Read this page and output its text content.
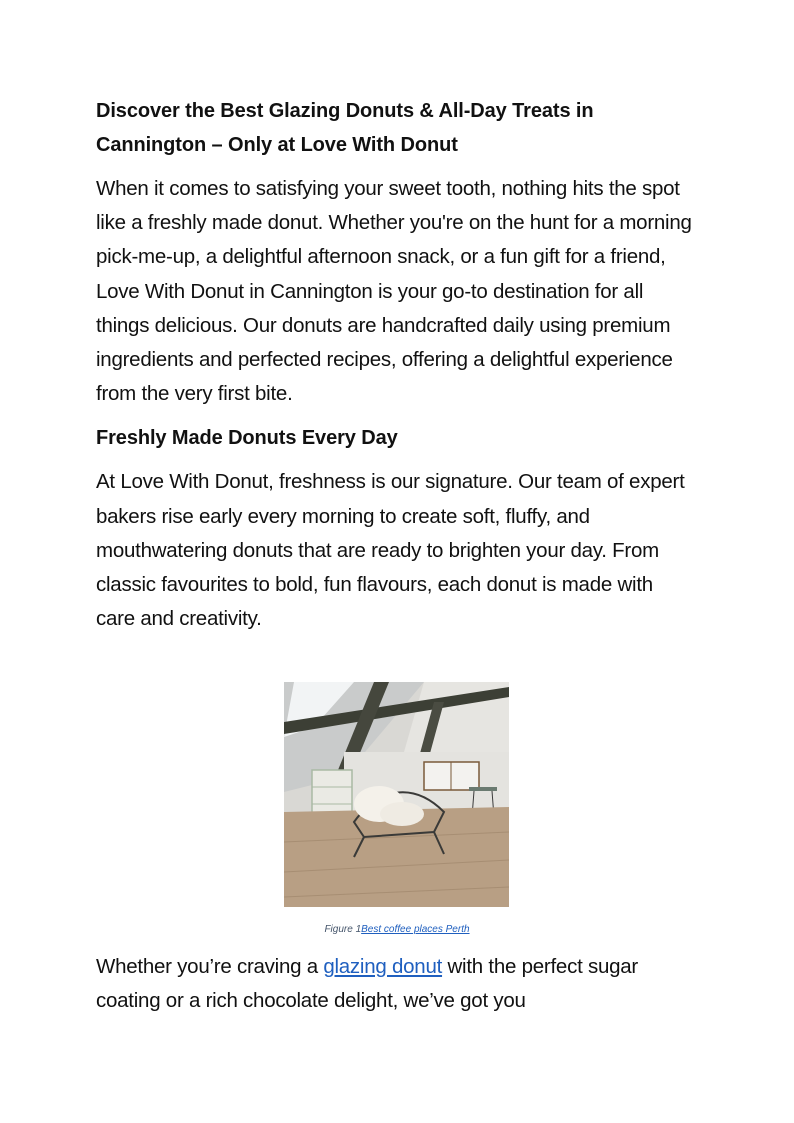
Discover the Best Glazing Donuts & All-Day Treats in Cannington – Only at Love With Donut
When it comes to satisfying your sweet tooth, nothing hits the spot like a freshly made donut. Whether you're on the hunt for a morning pick-me-up, a delightful afternoon snack, or a fun gift for a friend, Love With Donut in Cannington is your go-to destination for all things delicious. Our donuts are handcrafted daily using premium ingredients and perfected recipes, offering a delightful experience from the very first bite.
Freshly Made Donuts Every Day
At Love With Donut, freshness is our signature. Our team of expert bakers rise early every morning to create soft, fluffy, and mouthwatering donuts that are ready to brighten your day. From classic favourites to bold, fun flavours, each donut is made with care and creativity.
Figure 1Best coffee places Perth
Whether you’re craving a glazing donut with the perfect sugar coating or a rich chocolate delight, we’ve got you
